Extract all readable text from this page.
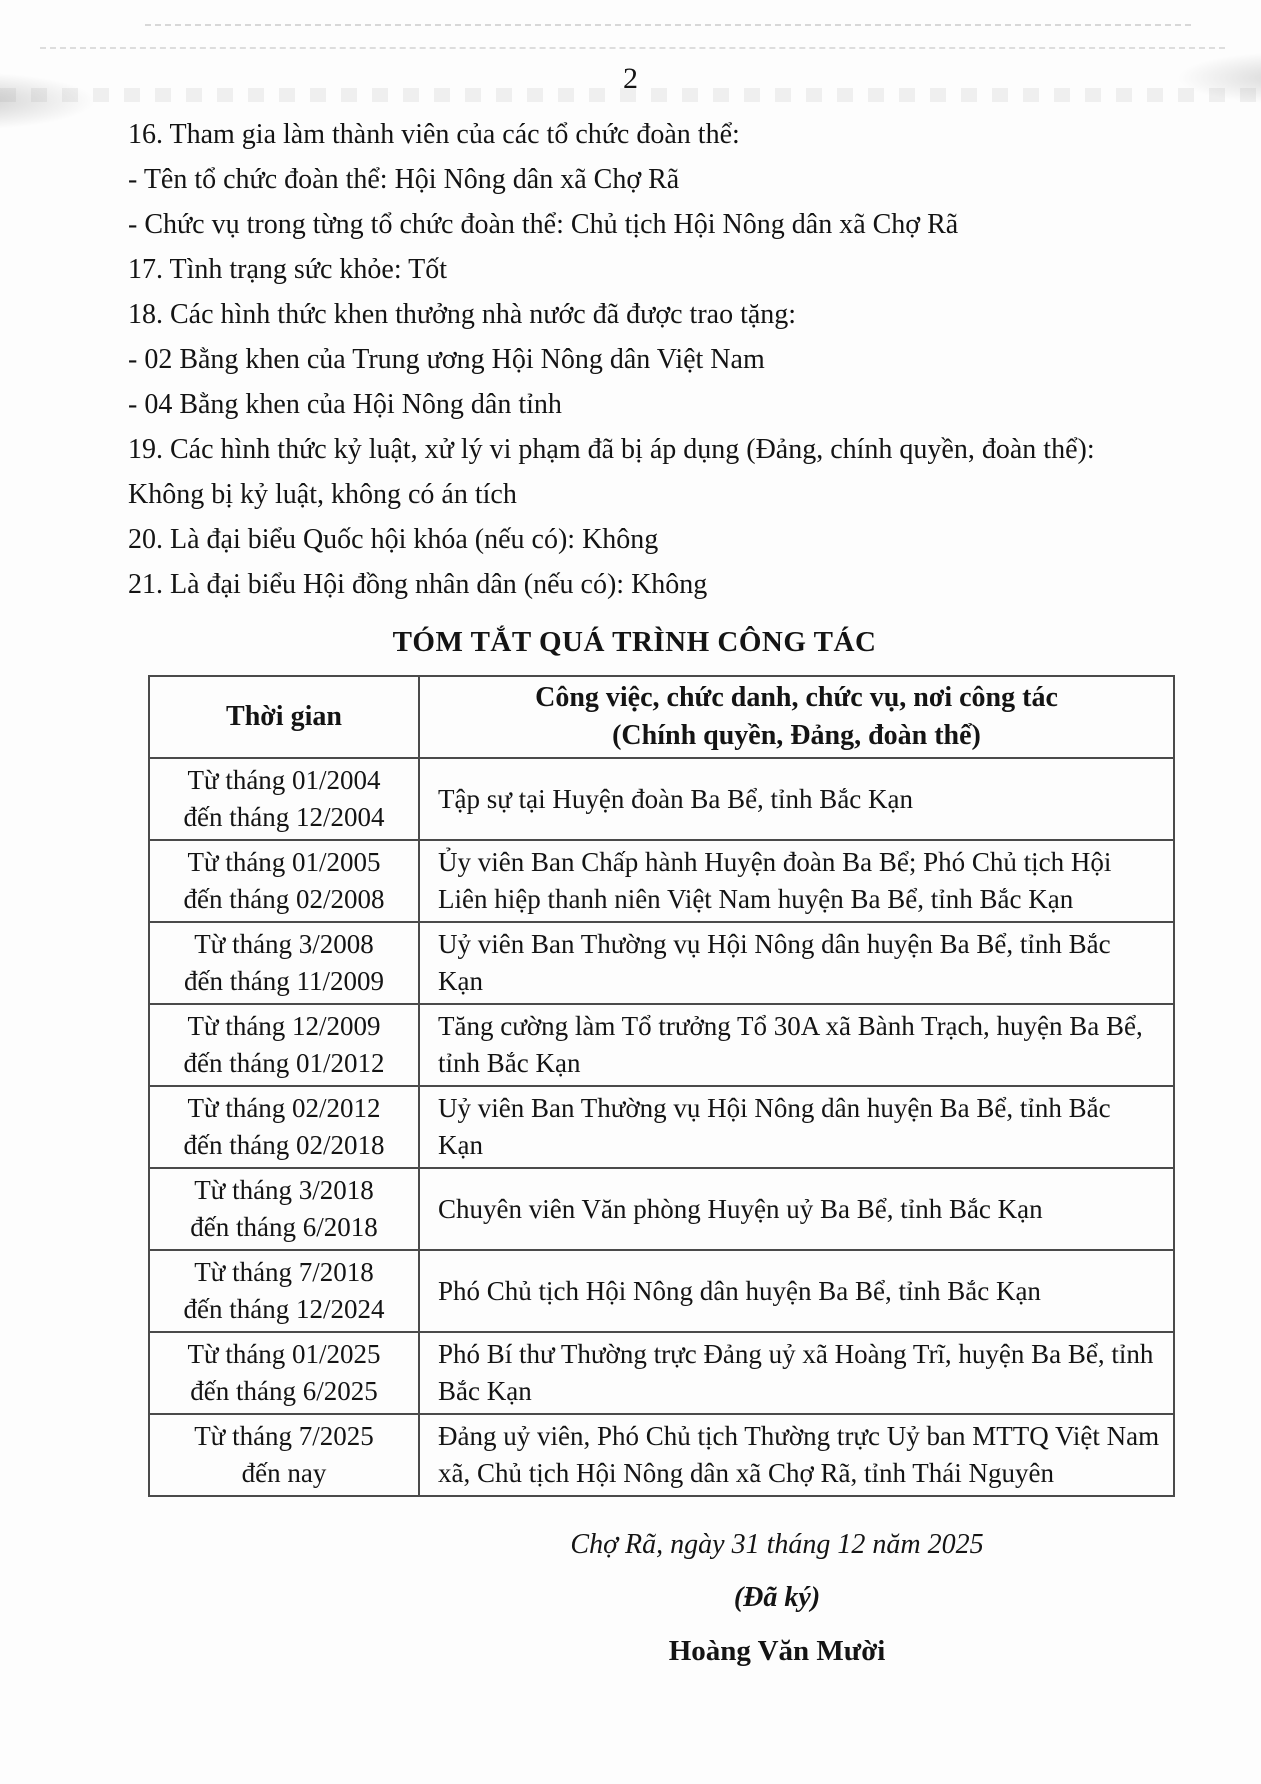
2
16. Tham gia làm thành viên của các tổ chức đoàn thể:
- Tên tổ chức đoàn thể: Hội Nông dân xã Chợ Rã
- Chức vụ trong từng tổ chức đoàn thể: Chủ tịch Hội Nông dân xã Chợ Rã
17. Tình trạng sức khỏe: Tốt
18. Các hình thức khen thưởng nhà nước đã được trao tặng:
- 02 Bằng khen của Trung ương Hội Nông dân Việt Nam
- 04 Bằng khen của Hội Nông dân tỉnh
19. Các hình thức kỷ luật, xử lý vi phạm đã bị áp dụng (Đảng, chính quyền, đoàn thể):
Không bị kỷ luật, không có án tích
20. Là đại biểu Quốc hội khóa (nếu có): Không
21. Là đại biểu Hội đồng nhân dân (nếu có): Không
TÓM TẮT QUÁ TRÌNH CÔNG TÁC
Thời gian	Công việc, chức danh, chức vụ, nơi công tác
(Chính quyền, Đảng, đoàn thể)

Từ tháng 01/2004
đến tháng 12/2004	Tập sự tại Huyện đoàn Ba Bể, tỉnh Bắc Kạn

Từ tháng 01/2005
đến tháng 02/2008	Ủy viên Ban Chấp hành Huyện đoàn Ba Bể; Phó Chủ tịch Hội Liên hiệp thanh niên Việt Nam huyện Ba Bể, tỉnh Bắc Kạn

Từ tháng 3/2008
đến tháng 11/2009	Uỷ viên Ban Thường vụ Hội Nông dân huyện Ba Bể, tỉnh Bắc Kạn

Từ tháng 12/2009
đến tháng 01/2012	Tăng cường làm Tổ trưởng Tổ 30A xã Bành Trạch, huyện Ba Bể, tỉnh Bắc Kạn

Từ tháng 02/2012
đến tháng 02/2018	Uỷ viên Ban Thường vụ Hội Nông dân huyện Ba Bể, tỉnh Bắc Kạn

Từ tháng 3/2018
đến tháng 6/2018	Chuyên viên Văn phòng Huyện uỷ Ba Bể, tỉnh Bắc Kạn

Từ tháng 7/2018
đến tháng 12/2024	Phó Chủ tịch Hội Nông dân huyện Ba Bể, tỉnh Bắc Kạn

Từ tháng 01/2025
đến tháng 6/2025	Phó Bí thư Thường trực Đảng uỷ xã Hoàng Trĩ, huyện Ba Bể, tỉnh Bắc Kạn

Từ tháng 7/2025
đến nay	Đảng uỷ viên, Phó Chủ tịch Thường trực Uỷ ban MTTQ Việt Nam xã, Chủ tịch Hội Nông dân xã Chợ Rã, tỉnh Thái Nguyên
Chợ Rã, ngày 31 tháng 12 năm 2025
(Đã ký)
Hoàng Văn Mười
